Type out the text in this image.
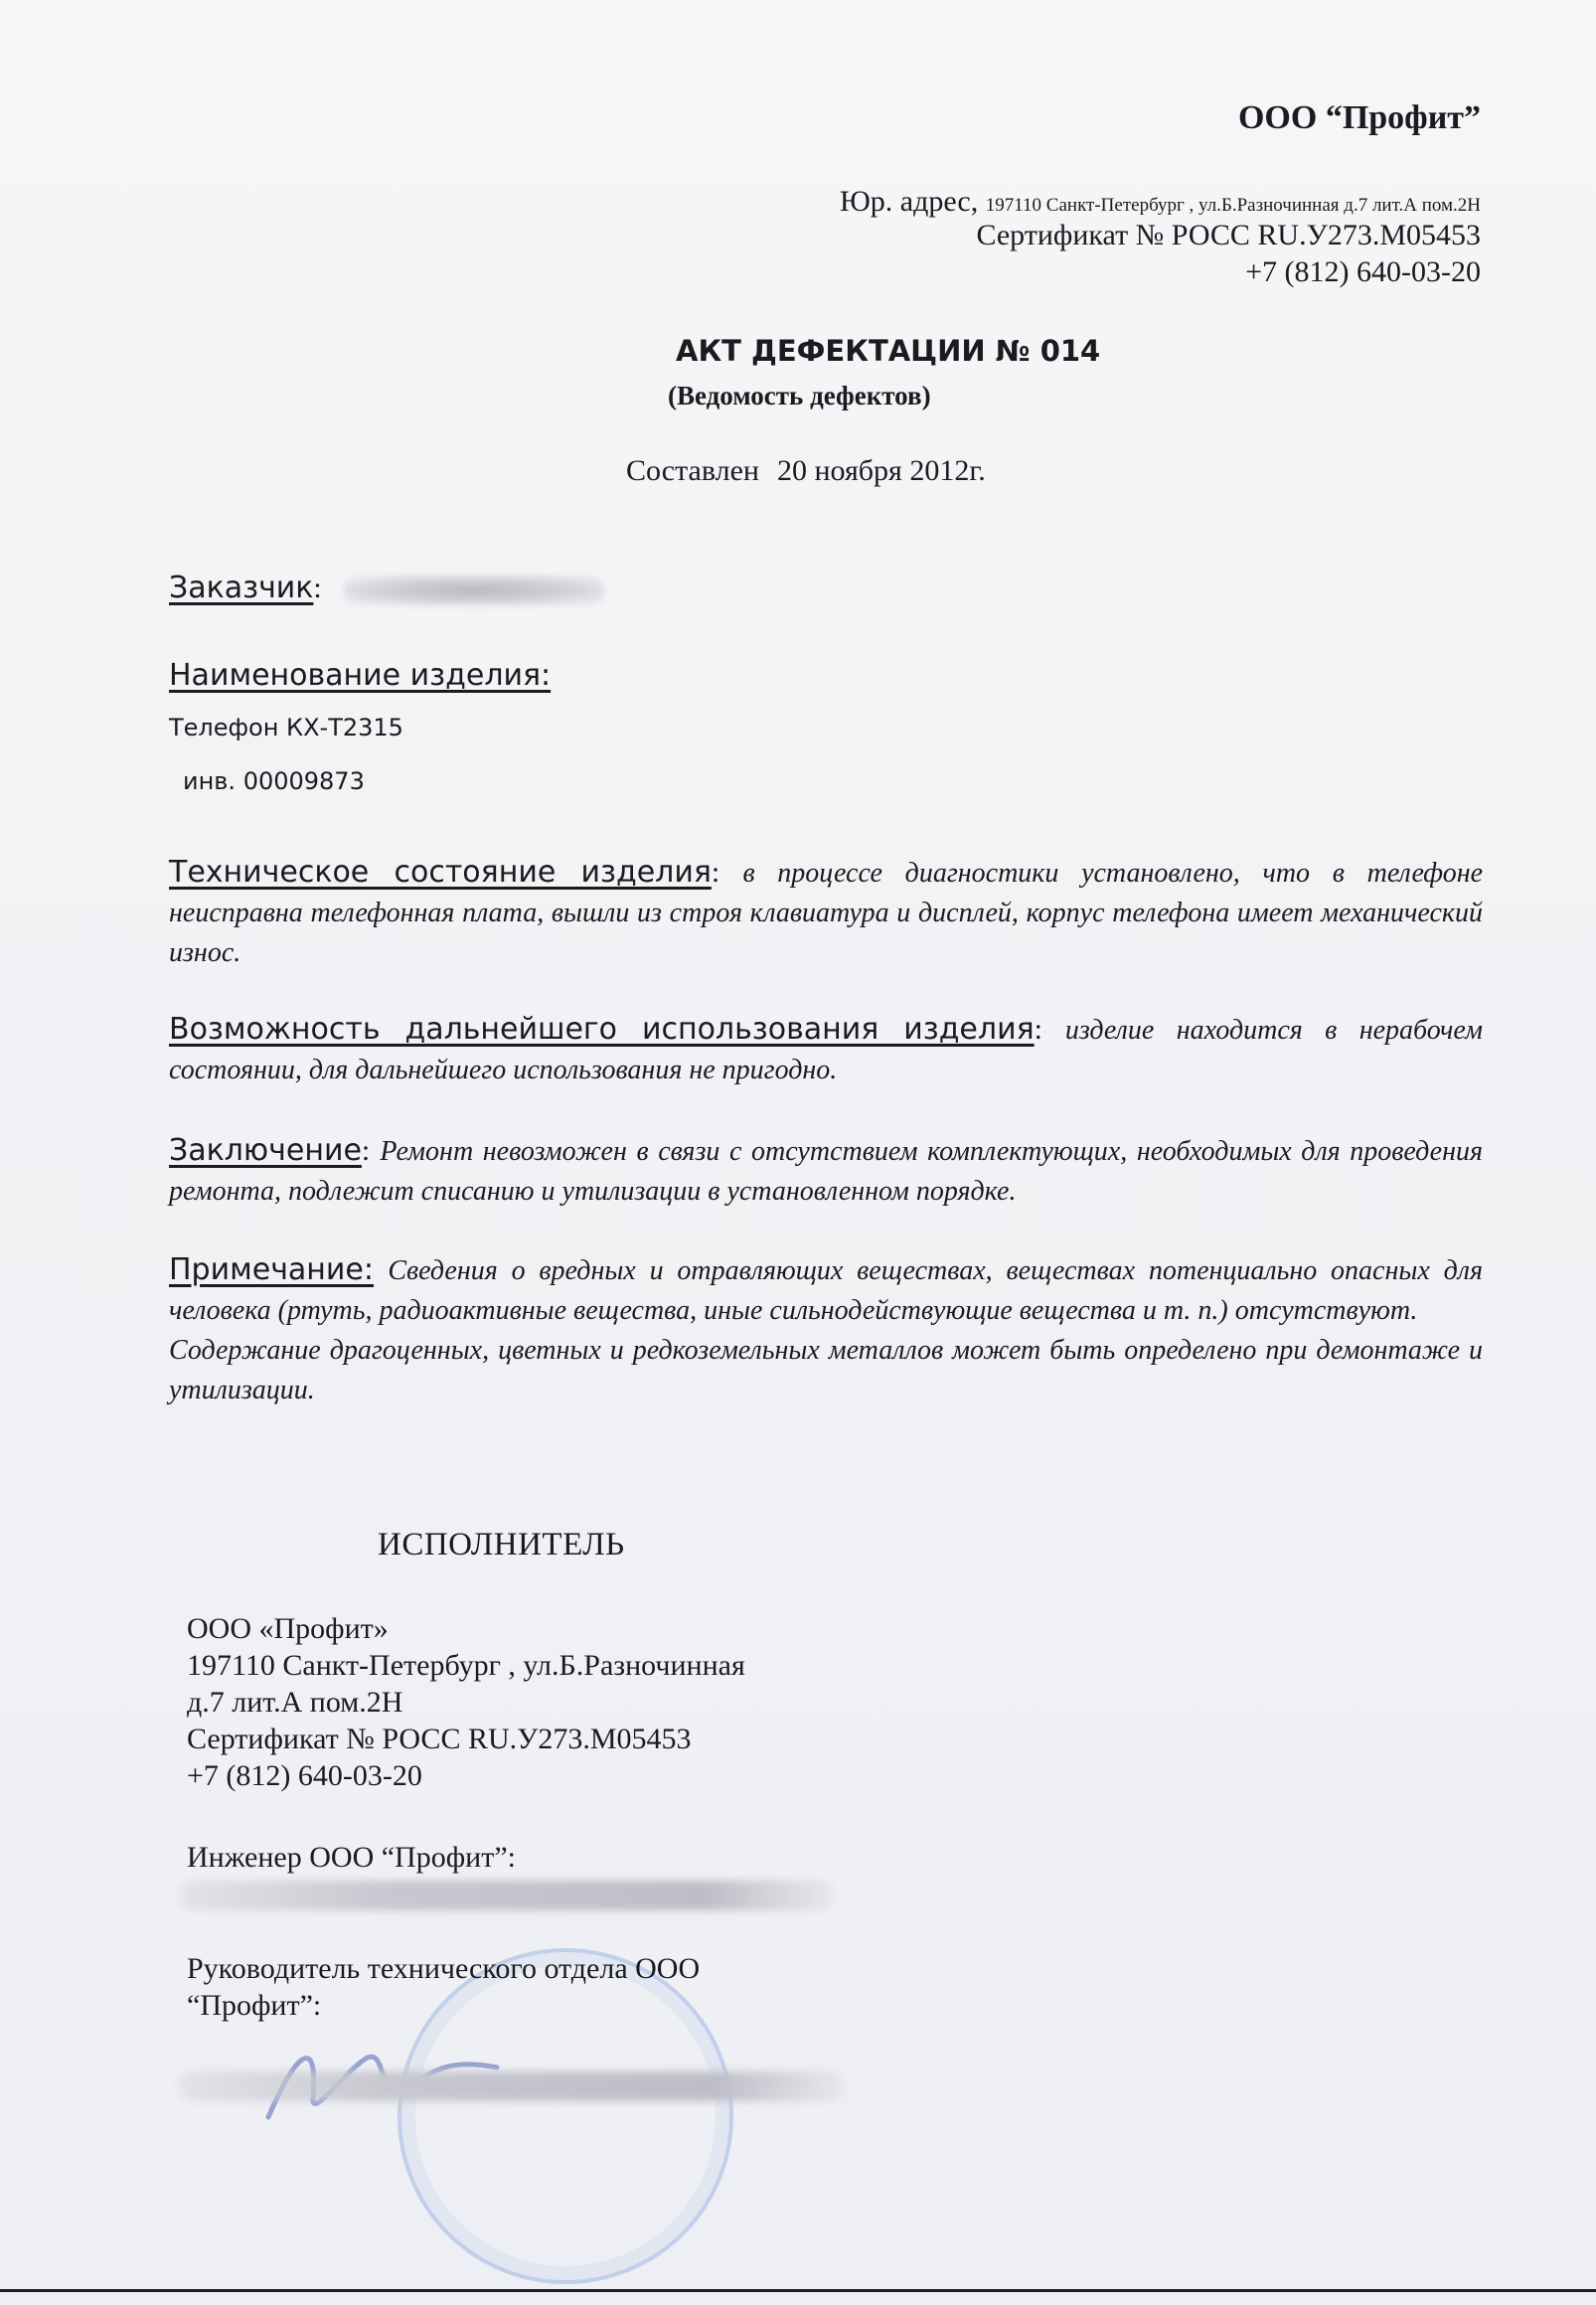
ООО “Профит”
Юр. адрес, 197110 Санкт-Петербург , ул.Б.Разночинная д.7 лит.А пом.2Н
Сертификат № РОСС RU.У273.М05453
+7 (812) 640-03-20
АКТ ДЕФЕКТАЦИИ № 014
(Ведомость дефектов)
Составлен 20 ноября 2012г.
Заказчик:
Наименование изделия:
Телефон КХ-Т2315
инв. 00009873
Техническое состояние изделия: в процессе диагностики установлено, что в телефоне неисправна телефонная плата, вышли из строя клавиатура и дисплей, корпус телефона имеет механический износ.
Возможность дальнейшего использования изделия: изделие находится в нерабочем состоянии, для дальнейшего использования не пригодно.
Заключение: Ремонт невозможен в связи с отсутствием комплектующих, необходимых для проведения ремонта, подлежит списанию и утилизации в установленном порядке.
Примечание: Сведения о вредных и отравляющих веществах, веществах потенциально опасных для человека (ртуть, радиоактивные вещества, иные сильнодействующие вещества и т. п.) отсутствуют.
Содержание драгоценных, цветных и редкоземельных металлов может быть определено при демонтаже и утилизации.
ИСПОЛНИТЕЛЬ
ООО «Профит»
197110 Санкт-Петербург , ул.Б.Разночинная
д.7 лит.А пом.2Н
Сертификат № РОСС RU.У273.М05453
+7 (812) 640-03-20
Инженер ООО “Профит”:
Руководитель технического отдела ООО
“Профит”:
